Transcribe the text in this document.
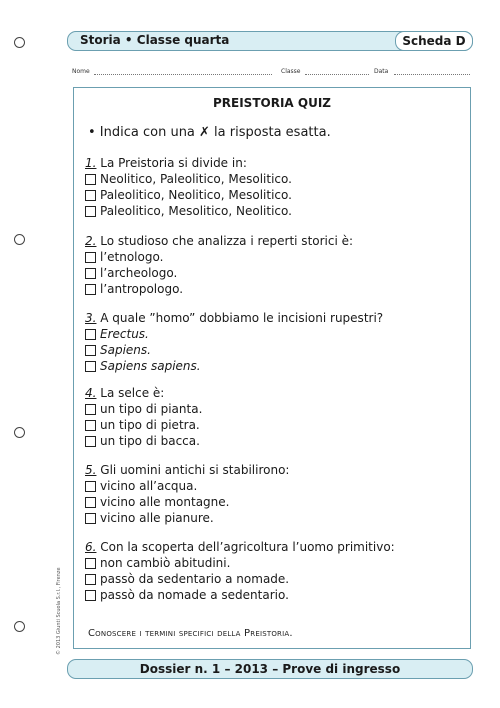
Storia • Classe quarta	Scheda D
Nome	Classe	Data
PREISTORIA QUIZ
• Indica con una ✗ la risposta esatta.
1. La Preistoria si divide in:
Neolitico, Paleolitico, Mesolitico.
Paleolitico, Neolitico, Mesolitico.
Paleolitico, Mesolitico, Neolitico.
2. Lo studioso che analizza i reperti storici è:
l’etnologo.
l’archeologo.
l’antropologo.
3. A quale ”homo” dobbiamo le incisioni rupestri?
Erectus.
Sapiens.
Sapiens sapiens.
4. La selce è:
un tipo di pianta.
un tipo di pietra.
un tipo di bacca.
5. Gli uomini antichi si stabilirono:
vicino all’acqua.
vicino alle montagne.
vicino alle pianure.
6. Con la scoperta dell’agricoltura l’uomo primitivo:
non cambiò abitudini.
passò da sedentario a nomade.
passò da nomade a sedentario.
Conoscere i termini specifici della Preistoria.
© 2013 Giunti Scuola S.r.l., Firenze
Dossier n. 1 – 2013 – Prove di ingresso
